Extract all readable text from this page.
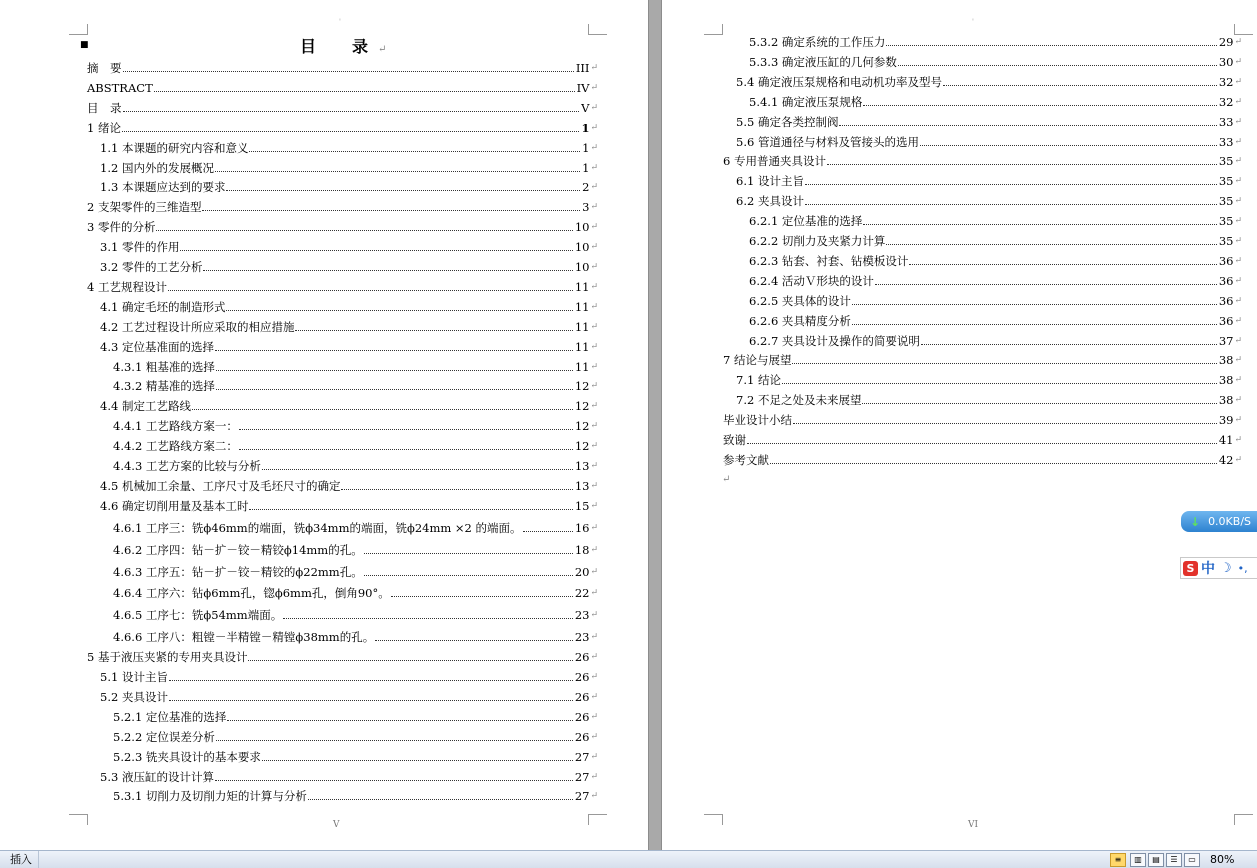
'
■	目　录↵
摘　要	III ↵
ABSTRACT	IV ↵
目　录	V ↵
1 绪论	1 ↵
1.1 本课题的研究内容和意义	1 ↵
1.2 国内外的发展概况	1 ↵
1.3 本课题应达到的要求	2 ↵
2 支架零件的三维造型	3 ↵
3 零件的分析	10 ↵
3.1 零件的作用	10 ↵
3.2 零件的工艺分析	10 ↵
4 工艺规程设计	11 ↵
4.1 确定毛坯的制造形式	11 ↵
4.2 工艺过程设计所应采取的相应措施	11 ↵
4.3 定位基准面的选择	11 ↵
4.3.1 粗基准的选择	11 ↵
4.3.2 精基准的选择	12 ↵
4.4 制定工艺路线	12 ↵
4.4.1 工艺路线方案一：	12 ↵
4.4.2 工艺路线方案二：	12 ↵
4.4.3 工艺方案的比较与分析	13 ↵
4.5 机械加工余量、工序尺寸及毛坯尺寸的确定	13 ↵
4.6 确定切削用量及基本工时	15 ↵
4.6.1 工序三：铣ϕ46mm的端面，铣ϕ34mm的端面，铣ϕ24mm ×2 的端面。	16 ↵
4.6.2 工序四：钻－扩－铰－精铰ϕ14mm的孔。	18 ↵
4.6.3 工序五：钻－扩－铰－精铰的ϕ22mm孔。	20 ↵
4.6.4 工序六：钻ϕ6mm孔，锪ϕ6mm孔，倒角90°。	22 ↵
4.6.5 工序七：铣ϕ54mm端面。	23 ↵
4.6.6 工序八：粗镗－半精镗－精镗ϕ38mm的孔。	23 ↵
5 基于液压夹紧的专用夹具设计	26 ↵
5.1 设计主旨	26 ↵
5.2 夹具设计	26 ↵
5.2.1 定位基准的选择	26 ↵
5.2.2 定位误差分析	26 ↵
5.2.3 铣夹具设计的基本要求	27 ↵
5.3 液压缸的设计计算	27 ↵
5.3.1 切削力及切削力矩的计算与分析	27 ↵
V
'
5.3.2 确定系统的工作压力	29 ↵
5.3.3 确定液压缸的几何参数	30 ↵
5.4 确定液压泵规格和电动机功率及型号	32 ↵
5.4.1 确定液压泵规格	32 ↵
5.5 确定各类控制阀	33 ↵
5.6 管道通径与材料及管接头的选用	33 ↵
6 专用普通夹具设计	35 ↵
6.1 设计主旨	35 ↵
6.2 夹具设计	35 ↵
6.2.1 定位基准的选择	35 ↵
6.2.2 切削力及夹紧力计算	35 ↵
6.2.3 钻套、衬套、钻模板设计	36 ↵
6.2.4 活动Ｖ形块的设计	36 ↵
6.2.5 夹具体的设计	36 ↵
6.2.6 夹具精度分析	36 ↵
6.2.7 夹具设计及操作的简要说明	37 ↵
7 结论与展望	38 ↵
7.1 结论	38 ↵
7.2 不足之处及未来展望	38 ↵
毕业设计小结	39 ↵
致谢	41 ↵
参考文献	42 ↵
↵
VI
↓ 0.0KB/S
S 中 ☽ •,
插入	≡	▥	▤	☰	▭	80%
